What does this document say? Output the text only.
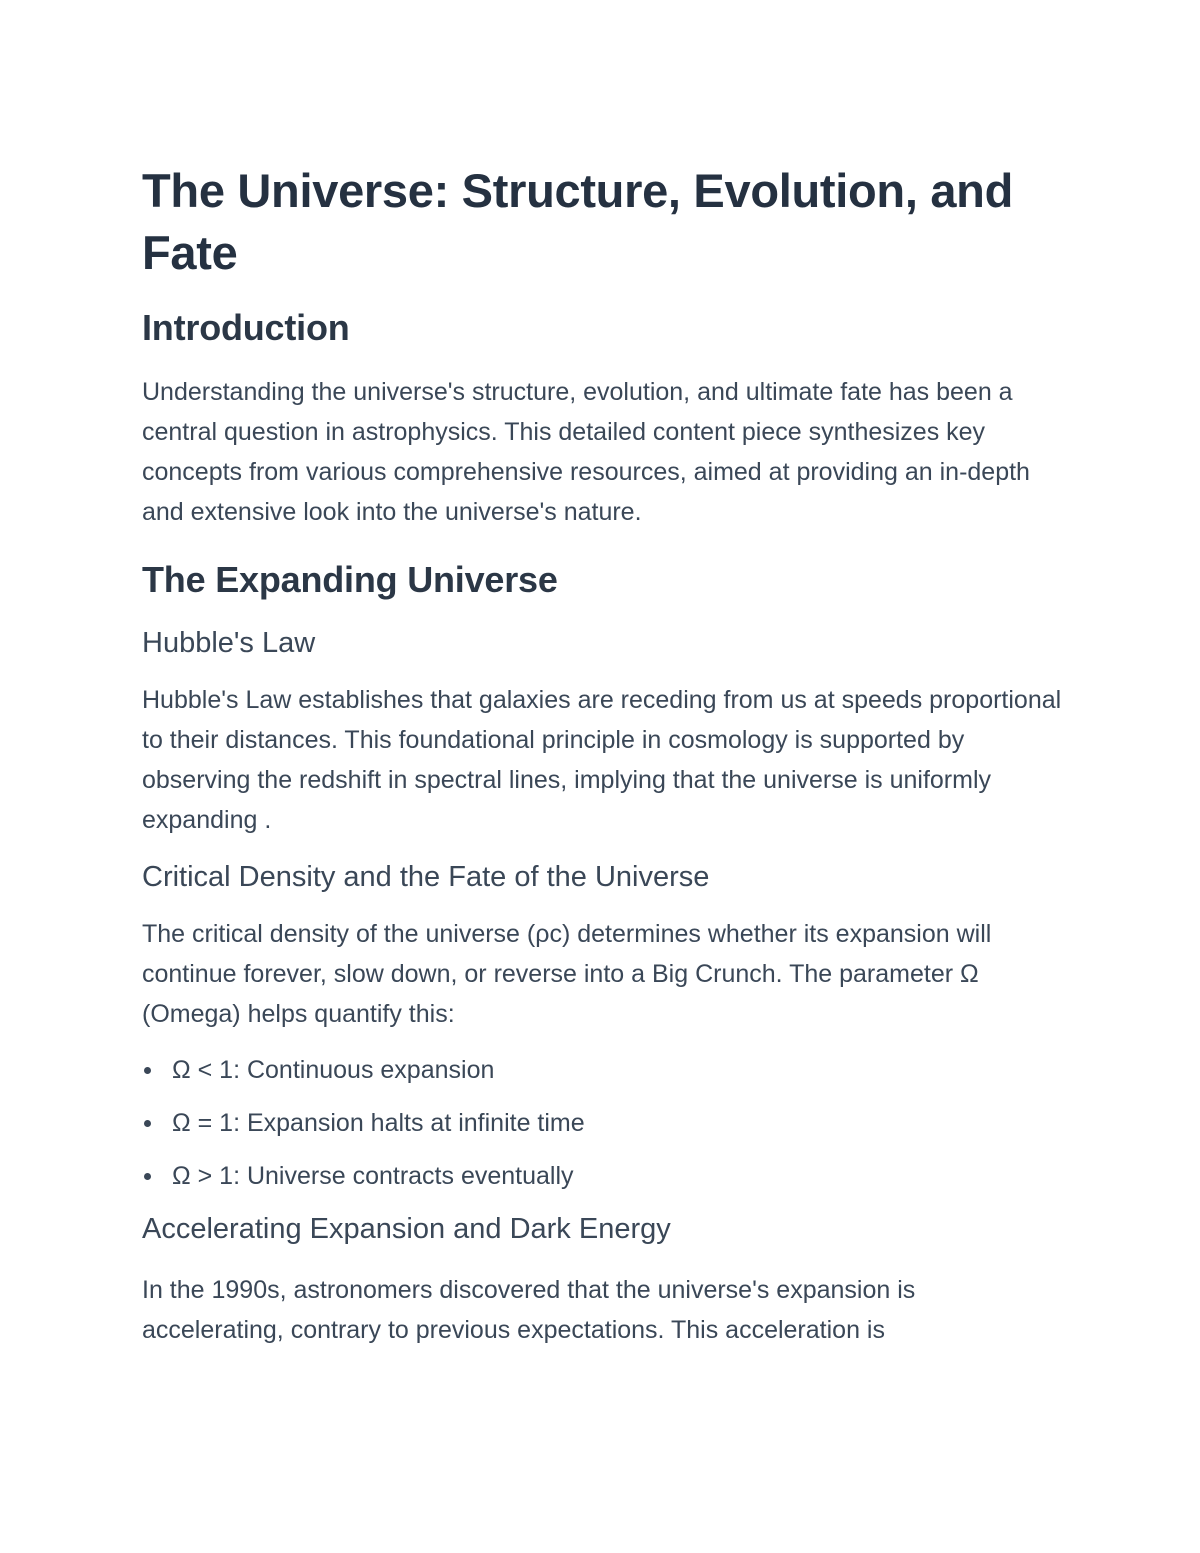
The Universe: Structure, Evolution, and Fate
Introduction

Understanding the universe's structure, evolution, and ultimate fate has been a central question in astrophysics. This detailed content piece synthesizes key concepts from various comprehensive resources, aimed at providing an in-depth and extensive look into the universe's nature.

The Expanding Universe
Hubble's Law

Hubble's Law establishes that galaxies are receding from us at speeds proportional to their distances. This foundational principle in cosmology is supported by observing the redshift in spectral lines, implying that the universe is uniformly expanding .

Critical Density and the Fate of the Universe

The critical density of the universe (ρc) determines whether its expansion will continue forever, slow down, or reverse into a Big Crunch. The parameter Ω (Omega) helps quantify this:

Ω < 1: Continuous expansion
Ω = 1: Expansion halts at infinite time
Ω > 1: Universe contracts eventually
Accelerating Expansion and Dark Energy

In the 1990s, astronomers discovered that the universe's expansion is accelerating, contrary to previous expectations. This acceleration is
